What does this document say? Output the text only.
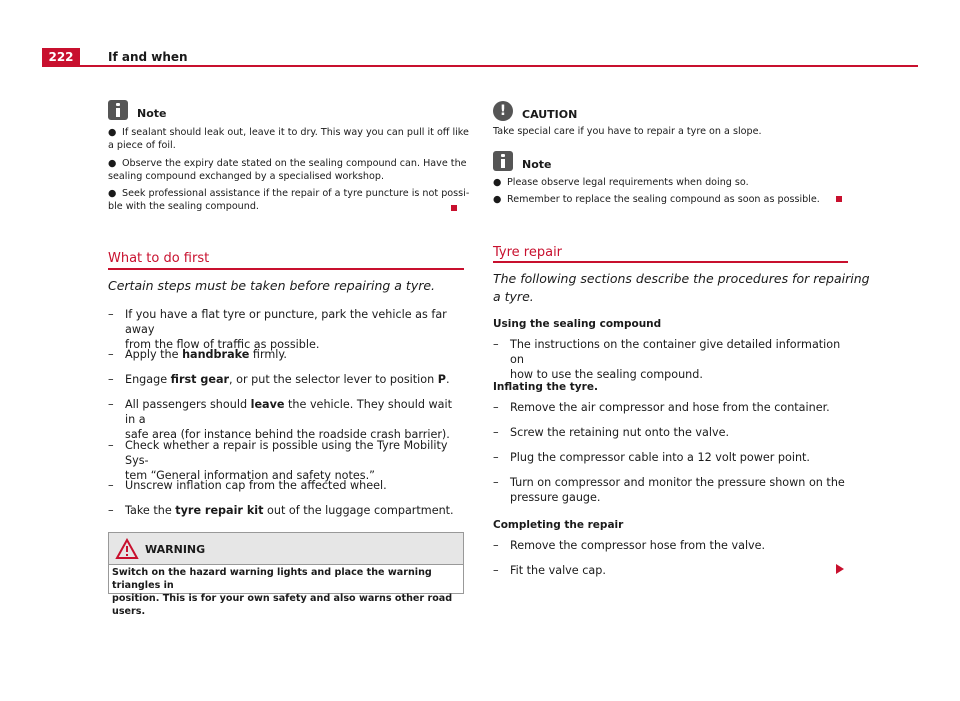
222	If and when
Note
● If sealant should leak out, leave it to dry. This way you can pull it off like
a piece of foil.
● Observe the expiry date stated on the sealing compound can. Have the
sealing compound exchanged by a specialised workshop.
● Seek professional assistance if the repair of a tyre puncture is not possi-
ble with the sealing compound.
What to do first
Certain steps must be taken before repairing a tyre.
– If you have a flat tyre or puncture, park the vehicle as far away
from the flow of traffic as possible.
– Apply the handbrake firmly.
– Engage first gear, or put the selector lever to position P.
– All passengers should leave the vehicle. They should wait in a
safe area (for instance behind the roadside crash barrier).
– Check whether a repair is possible using the Tyre Mobility Sys-
tem “General information and safety notes.”
– Unscrew inflation cap from the affected wheel.
– Take the tyre repair kit out of the luggage compartment.
WARNING
Switch on the hazard warning lights and place the warning triangles in
position. This is for your own safety and also warns other road users.
!	CAUTION
Take special care if you have to repair a tyre on a slope.
Note
● Please observe legal requirements when doing so.
● Remember to replace the sealing compound as soon as possible.
Tyre repair
The following sections describe the procedures for repairing
a tyre.
Using the sealing compound
– The instructions on the container give detailed information on
how to use the sealing compound.
Inflating the tyre.
– Remove the air compressor and hose from the container.
– Screw the retaining nut onto the valve.
– Plug the compressor cable into a 12 volt power point.
– Turn on compressor and monitor the pressure shown on the
pressure gauge.
Completing the repair
– Remove the compressor hose from the valve.
– Fit the valve cap.
